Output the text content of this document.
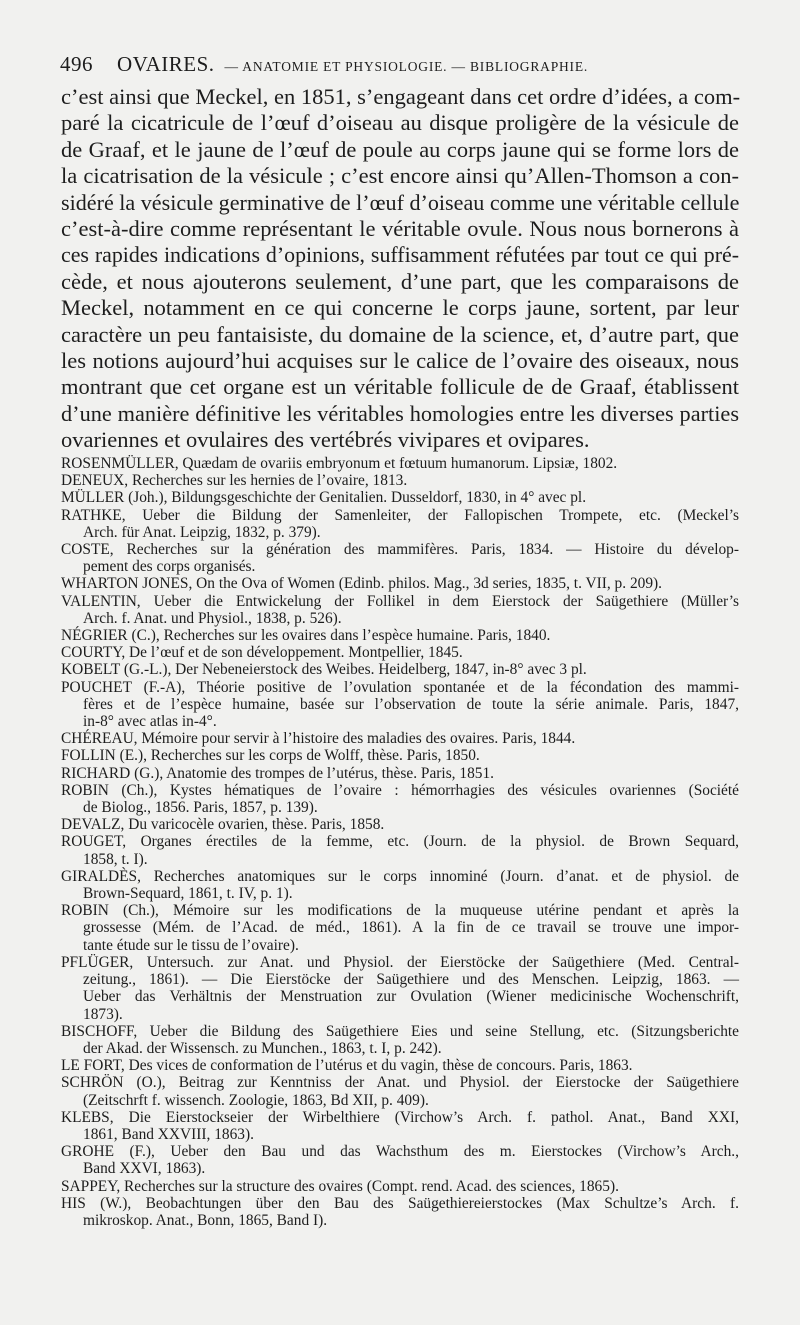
496 OVAIRES. — ANATOMIE ET PHYSIOLOGIE. — BIBLIOGRAPHIE.
c’est ainsi que Meckel, en 1851, s’engageant dans cet ordre d’idées, a com-
paré la cicatricule de l’œuf d’oiseau au disque proligère de la vésicule de
de Graaf, et le jaune de l’œuf de poule au corps jaune qui se forme lors de
la cicatrisation de la vésicule ; c’est encore ainsi qu’Allen-Thomson a con-
sidéré la vésicule germinative de l’œuf d’oiseau comme une véritable cellule
c’est-à-dire comme représentant le véritable ovule. Nous nous bornerons à
ces rapides indications d’opinions, suffisamment réfutées par tout ce qui pré-
cède, et nous ajouterons seulement, d’une part, que les comparaisons de
Meckel, notamment en ce qui concerne le corps jaune, sortent, par leur
caractère un peu fantaisiste, du domaine de la science, et, d’autre part, que
les notions aujourd’hui acquises sur le calice de l’ovaire des oiseaux, nous
montrant que cet organe est un véritable follicule de de Graaf, établissent
d’une manière définitive les véritables homologies entre les diverses parties
ovariennes et ovulaires des vertébrés vivipares et ovipares.
ROSENMÜLLER, Quædam de ovariis embryonum et fœtuum humanorum. Lipsiæ, 1802.
DENEUX, Recherches sur les hernies de l’ovaire, 1813.
MÜLLER (Joh.), Bildungsgeschichte der Genitalien. Dusseldorf, 1830, in 4° avec pl.
RATHKE, Ueber die Bildung der Samenleiter, der Fallopischen Trompete, etc. (Meckel’s
Arch. für Anat. Leipzig, 1832, p. 379).
COSTE, Recherches sur la génération des mammifères. Paris, 1834. — Histoire du dévelop-
pement des corps organisés.
WHARTON JONES, On the Ova of Women (Edinb. philos. Mag., 3d series, 1835, t. VII, p. 209).
VALENTIN, Ueber die Entwickelung der Follikel in dem Eierstock der Saügethiere (Müller’s
Arch. f. Anat. und Physiol., 1838, p. 526).
NÉGRIER (C.), Recherches sur les ovaires dans l’espèce humaine. Paris, 1840.
COURTY, De l’œuf et de son développement. Montpellier, 1845.
KOBELT (G.-L.), Der Nebeneierstock des Weibes. Heidelberg, 1847, in-8° avec 3 pl.
POUCHET (F.-A), Théorie positive de l’ovulation spontanée et de la fécondation des mammi-
fères et de l’espèce humaine, basée sur l’observation de toute la série animale. Paris, 1847,
in-8° avec atlas in-4°.
CHÉREAU, Mémoire pour servir à l’histoire des maladies des ovaires. Paris, 1844.
FOLLIN (E.), Recherches sur les corps de Wolff, thèse. Paris, 1850.
RICHARD (G.), Anatomie des trompes de l’utérus, thèse. Paris, 1851.
ROBIN (Ch.), Kystes hématiques de l’ovaire : hémorrhagies des vésicules ovariennes (Société
de Biolog., 1856. Paris, 1857, p. 139).
DEVALZ, Du varicocèle ovarien, thèse. Paris, 1858.
ROUGET, Organes érectiles de la femme, etc. (Journ. de la physiol. de Brown Sequard,
1858, t. I).
GIRALDÈS, Recherches anatomiques sur le corps innominé (Journ. d’anat. et de physiol. de
Brown-Sequard, 1861, t. IV, p. 1).
ROBIN (Ch.), Mémoire sur les modifications de la muqueuse utérine pendant et après la
grossesse (Mém. de l’Acad. de méd., 1861). A la fin de ce travail se trouve une impor-
tante étude sur le tissu de l’ovaire).
PFLÜGER, Untersuch. zur Anat. und Physiol. der Eierstöcke der Saügethiere (Med. Central-
zeitung., 1861). — Die Eierstöcke der Saügethiere und des Menschen. Leipzig, 1863. —
Ueber das Verhältnis der Menstruation zur Ovulation (Wiener medicinische Wochenschrift,
1873).
BISCHOFF, Ueber die Bildung des Saügethiere Eies und seine Stellung, etc. (Sitzungsberichte
der Akad. der Wissensch. zu Munchen., 1863, t. I, p. 242).
LE FORT, Des vices de conformation de l’utérus et du vagin, thèse de concours. Paris, 1863.
SCHRÖN (O.), Beitrag zur Kenntniss der Anat. und Physiol. der Eierstocke der Saügethiere
(Zeitschrft f. wissench. Zoologie, 1863, Bd XII, p. 409).
KLEBS, Die Eierstockseier der Wirbelthiere (Virchow’s Arch. f. pathol. Anat., Band XXI,
1861, Band XXVIII, 1863).
GROHE (F.), Ueber den Bau und das Wachsthum des m. Eierstockes (Virchow’s Arch.,
Band XXVI, 1863).
SAPPEY, Recherches sur la structure des ovaires (Compt. rend. Acad. des sciences, 1865).
HIS (W.), Beobachtungen über den Bau des Saügethiereierstockes (Max Schultze’s Arch. f.
mikroskop. Anat., Bonn, 1865, Band I).
